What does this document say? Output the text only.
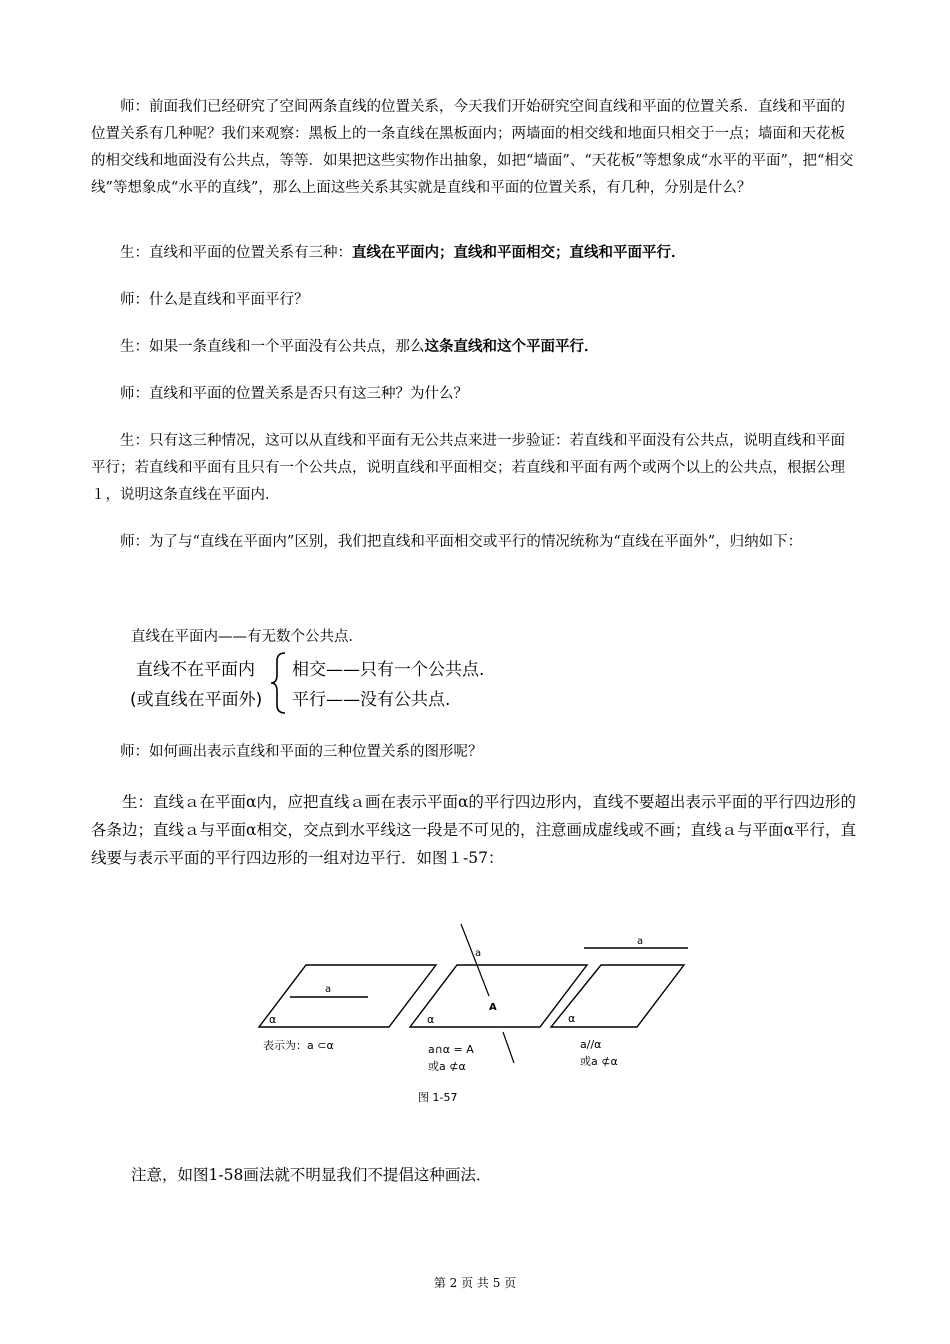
师：前面我们已经研究了空间两条直线的位置关系，今天我们开始研究空间直线和平面的位置关系．直线和平面的位置关系有几种呢？我们来观察：黑板上的一条直线在黑板面内；两墙面的相交线和地面只相交于一点；墙面和天花板的相交线和地面没有公共点，等等．如果把这些实物作出抽象，如把“墙面”、“天花板”等想象成“水平的平面”，把“相交线”等想象成“水平的直线”，那么上面这些关系其实就是直线和平面的位置关系，有几种，分别是什么？

生：直线和平面的位置关系有三种：直线在平面内；直线和平面相交；直线和平面平行．

师：什么是直线和平面平行？

生：如果一条直线和一个平面没有公共点，那么这条直线和这个平面平行．

师：直线和平面的位置关系是否只有这三种？为什么？

生：只有这三种情况，这可以从直线和平面有无公共点来进一步验证：若直线和平面没有公共点，说明直线和平面平行；若直线和平面有且只有一个公共点，说明直线和平面相交；若直线和平面有两个或两个以上的公共点，根据公理１，说明这条直线在平面内．

师：为了与“直线在平面内”区别，我们把直线和平面相交或平行的情况统称为“直线在平面外”，归纳如下：

直线在平面内——有无数个公共点．
直线不在平面内
(或直线在平面外)
相交——只有一个公共点.
平行——没有公共点.

师：如何画出表示直线和平面的三种位置关系的图形呢？

生：直线ａ在平面α内，应把直线ａ画在表示平面α的平行四边形内，直线不要超出表示平面的平行四边形的各条边；直线ａ与平面α相交，交点到水平线这一段是不可见的，注意画成虚线或不画；直线ａ与平面α平行，直线要与表示平面的平行四边形的一组对边平行．如图１-57：

a
α
表示为：a ⊂α
a
A
α
a∩α = A
或a ⊄α
a
α
a//α
或a ⊄α
图 1-57
注意，如图1-58画法就不明显我们不提倡这种画法．
第 2 页 共 5 页
